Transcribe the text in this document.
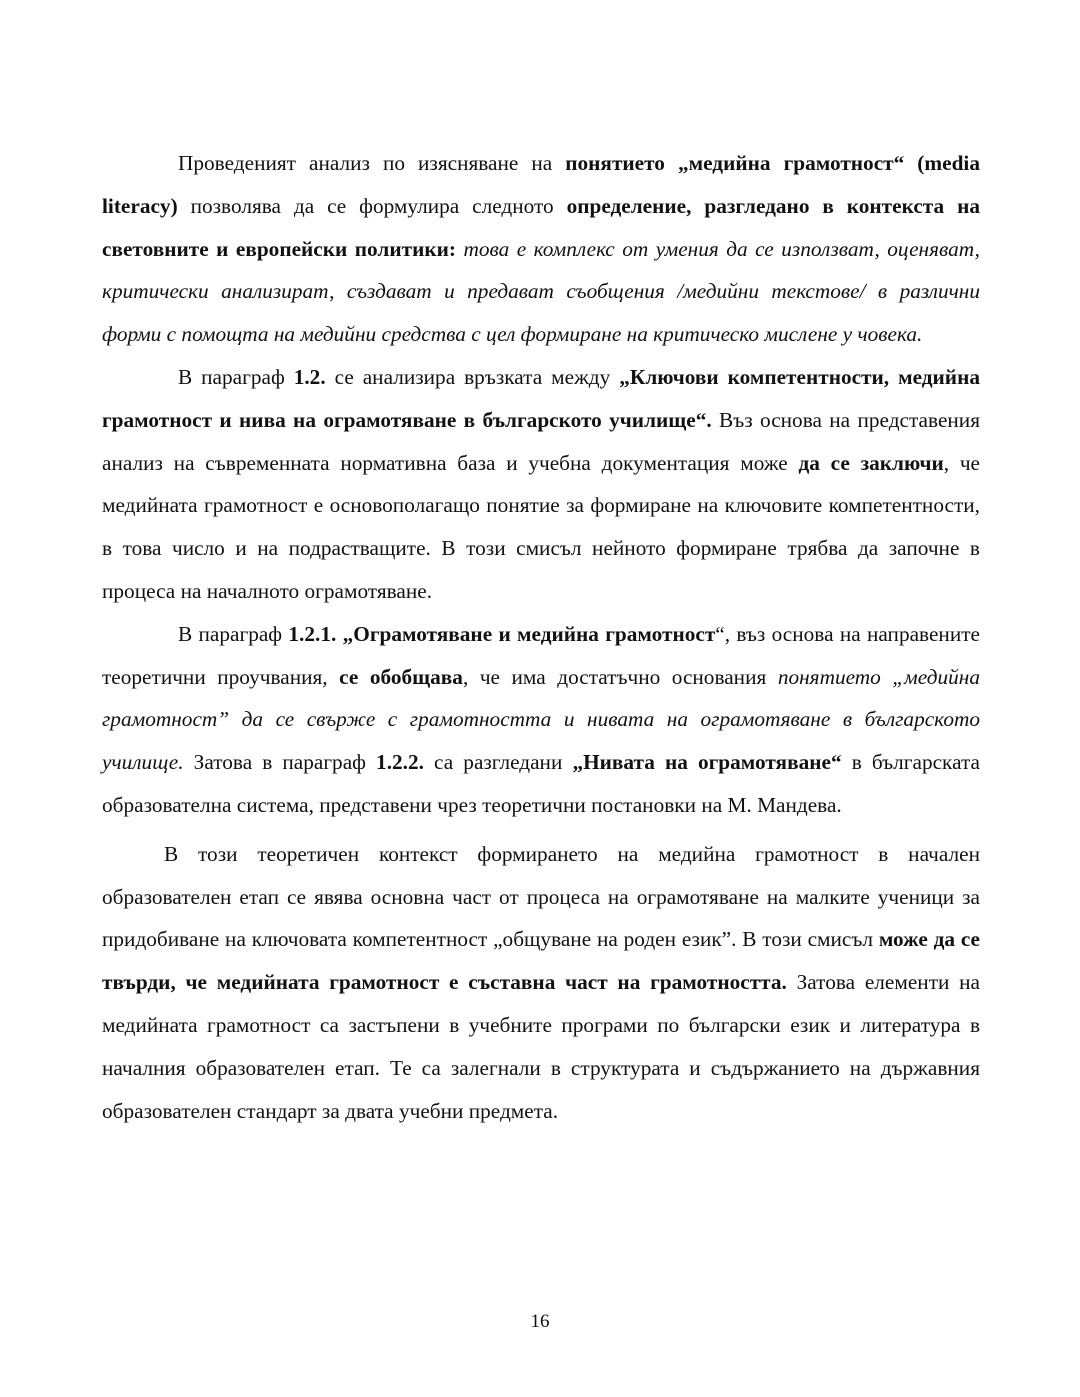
Проведеният анализ по изясняване на понятието „медийна грамотност“ (media literacy) позволява да се формулира следното определение, разгледано в контекста на световните и европейски политики: това е комплекс от умения да се използват, оценяват, критически анализират, създават и предават съобщения /медийни текстове/ в различни форми с помощта на медийни средства с цел формиране на критическо мислене у човека.

В параграф 1.2. се анализира връзката между „Ключови компетентности, медийна грамотност и нива на ограмотяване в българското училище“. Въз основа на представения анализ на съвременната нормативна база и учебна документация може да се заключи, че медийната грамотност е основополагащо понятие за формиране на ключовите компетентности, в това число и на подрастващите. В този смисъл нейното формиране трябва да започне в процеса на началното ограмотяване.

В параграф 1.2.1. „Ограмотяване и медийна грамотност“, въз основа на направените теоретични проучвания, се обобщава, че има достатъчно основания понятието „медийна грамотност” да се свърже с грамотността и нивата на ограмотяване в българското училище. Затова в параграф 1.2.2. са разгледани „Нивата на ограмотяване“ в българската образователна система, представени чрез теоретични постановки на М. Мандева.

В този теоретичен контекст формирането на медийна грамотност в начален образователен етап се явява основна част от процеса на ограмотяване на малките ученици за придобиване на ключовата компетентност „общуване на роден език”. В този смисъл може да се твърди, че медийната грамотност е съставна част на грамотността. Затова елементи на медийната грамотност са застъпени в учебните програми по български език и литература в началния образователен етап. Те са залегнали в структурата и съдържанието на държавния образователен стандарт за двата учебни предмета.

16
